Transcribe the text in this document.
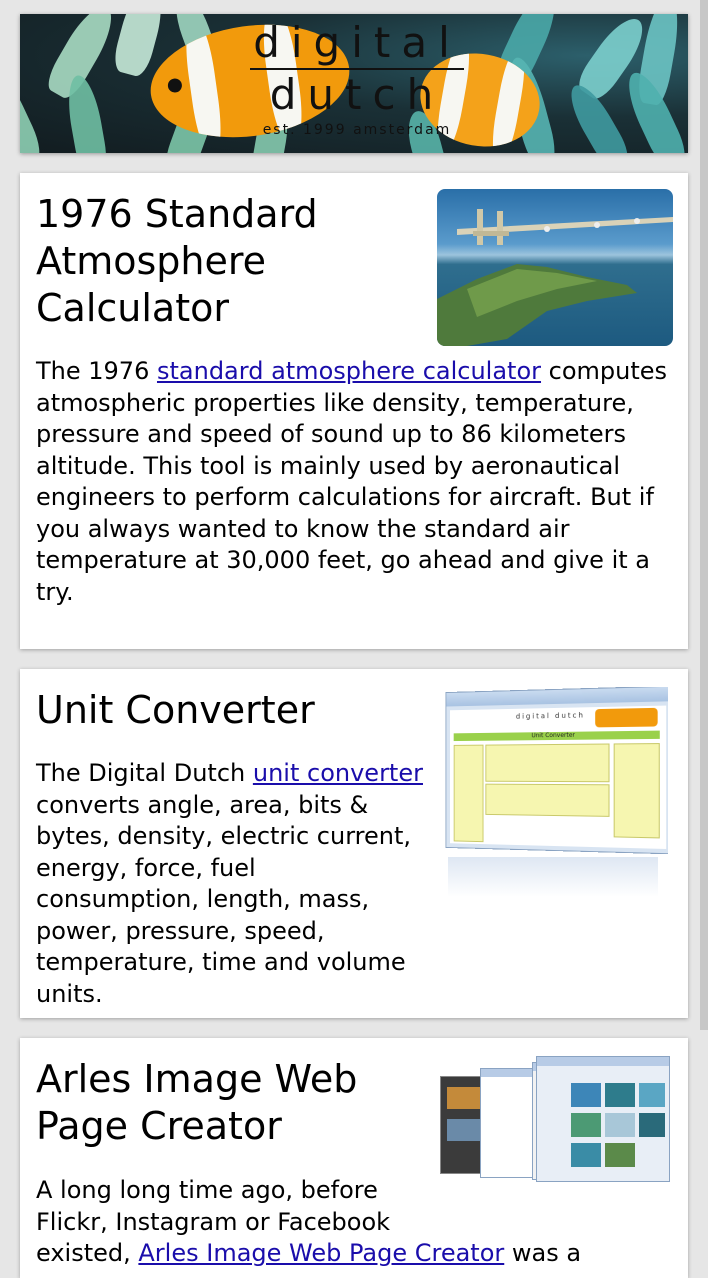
digital
dutch
est. 1999 amsterdam
1976 Standard Atmosphere Calculator

The 1976 standard atmosphere calculator computes atmospheric properties like density, temperature, pressure and speed of sound up to 86 kilometers altitude. This tool is mainly used by aeronautical engineers to perform calculations for aircraft. But if you always wanted to know the standard air temperature at 30,000 feet, go ahead and give it a try.

digital dutch
Unit Converter
Unit Converter

The Digital Dutch unit converter converts angle, area, bits & bytes, density, electric current, energy, force, fuel consumption, length, mass, power, pressure, speed, temperature, time and volume units.

Arles Image Web Page Creator

A long long time ago, before Flickr, Instagram or Facebook existed, Arles Image Web Page Creator was a
